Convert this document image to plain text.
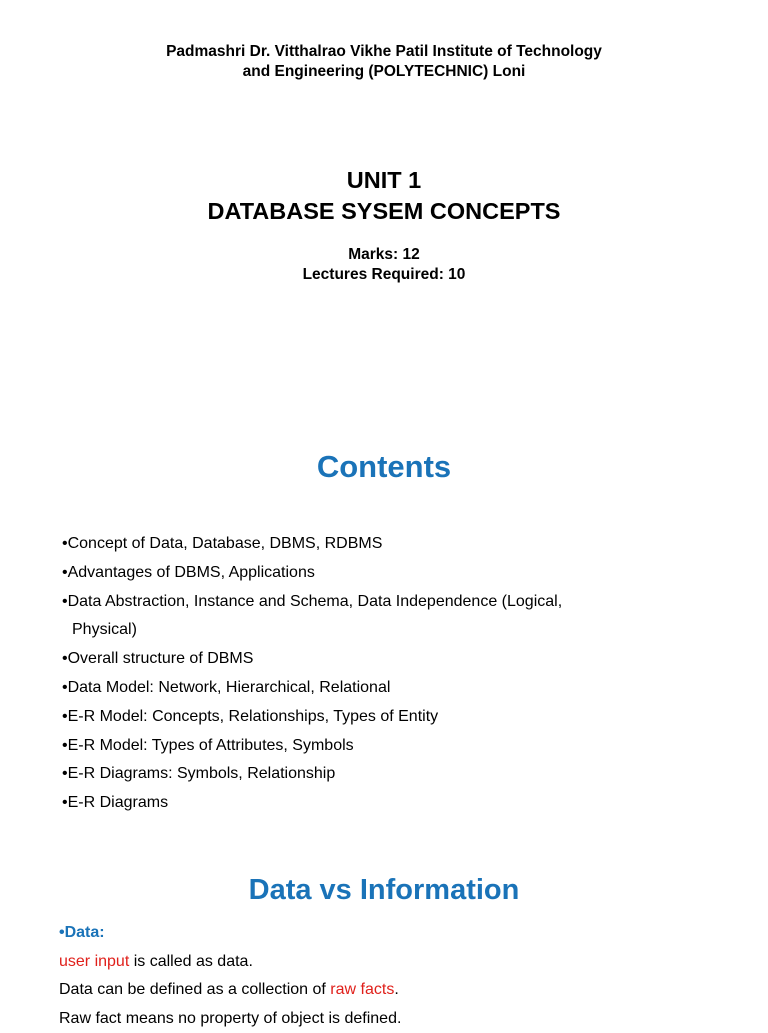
Padmashri Dr. Vitthalrao Vikhe Patil Institute of Technology
and Engineering (POLYTECHNIC) Loni
UNIT 1
DATABASE SYSEM CONCEPTS
Marks: 12
Lectures Required: 10
Contents
•Concept of Data, Database, DBMS, RDBMS
•Advantages of DBMS, Applications
•Data Abstraction, Instance and Schema, Data Independence (Logical,
Physical)
•Overall structure of DBMS
•Data Model: Network, Hierarchical, Relational
•E-R Model: Concepts, Relationships, Types of Entity
•E-R Model: Types of Attributes, Symbols
•E-R Diagrams: Symbols, Relationship
•E-R Diagrams
Data vs Information
•Data:
user input is called as data.
Data can be defined as a collection of raw facts.
Raw fact means no property of object is defined.
